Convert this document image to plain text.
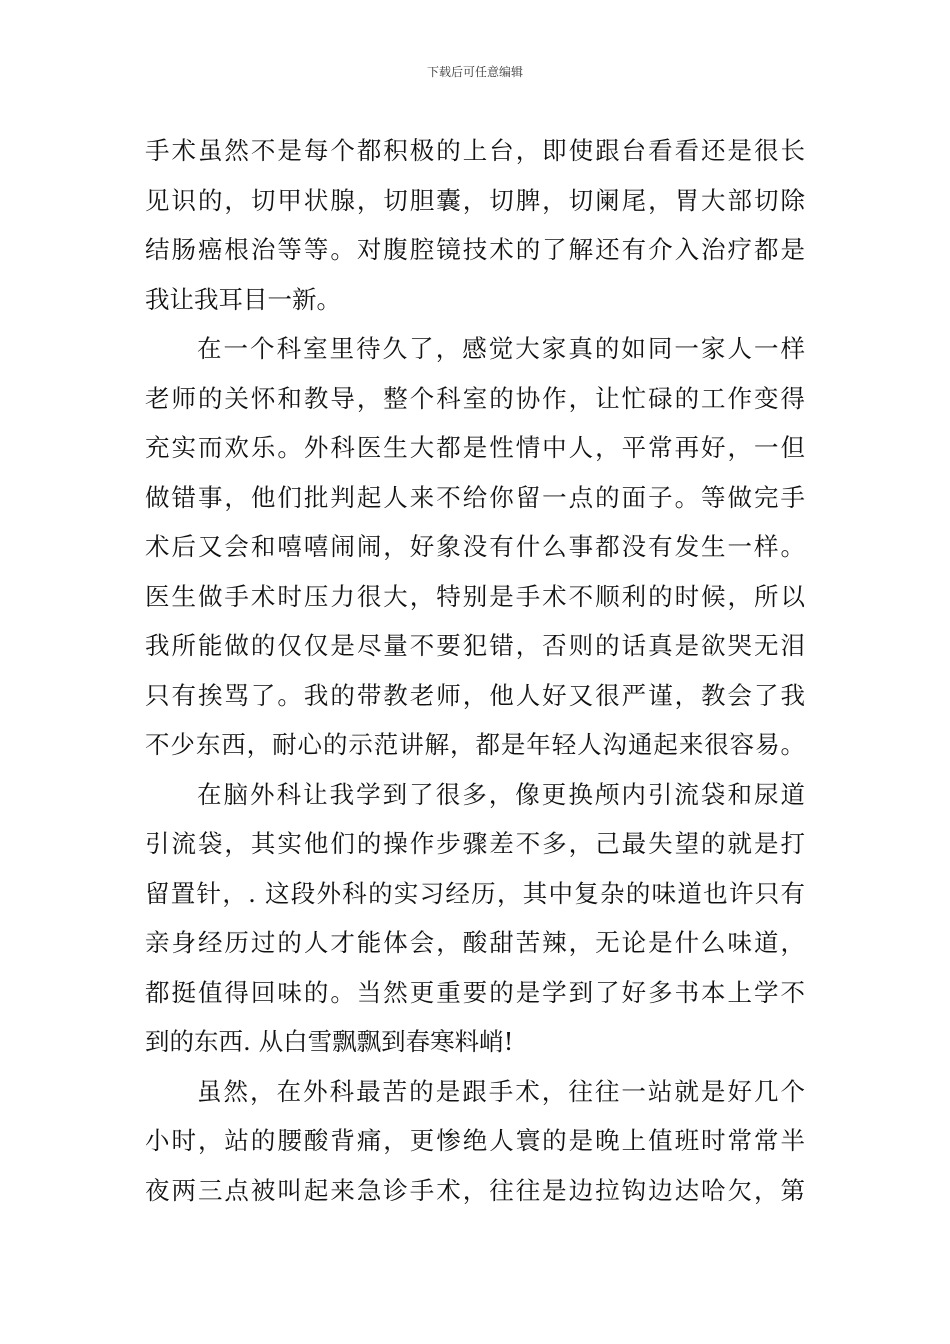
下载后可任意编辑
手术虽然不是每个都积极的上台，即使跟台看看还是很长
见识的，切甲状腺，切胆囊，切脾，切阑尾，胃大部切除
结肠癌根治等等。对腹腔镜技术的了解还有介入治疗都是
我让我耳目一新。
在一个科室里待久了，感觉大家真的如同一家人一样
老师的关怀和教导，整个科室的协作，让忙碌的工作变得
充实而欢乐。外科医生大都是性情中人，平常再好，一但
做错事，他们批判起人来不给你留一点的面子。等做完手
术后又会和嘻嘻闹闹，好象没有什么事都没有发生一样。
医生做手术时压力很大，特别是手术不顺利的时候，所以
我所能做的仅仅是尽量不要犯错，否则的话真是欲哭无泪
只有挨骂了。我的带教老师，他人好又很严谨，教会了我
不少东西，耐心的示范讲解，都是年轻人沟通起来很容易。
在脑外科让我学到了很多，像更换颅内引流袋和尿道
引流袋，其实他们的操作步骤差不多，己最失望的就是打
留置针，. 这段外科的实习经历，其中复杂的味道也许只有
亲身经历过的人才能体会，酸甜苦辣，无论是什么味道，
都挺值得回味的。当然更重要的是学到了好多书本上学不
到的东西. 从白雪飘飘到春寒料峭!
虽然，在外科最苦的是跟手术，往往一站就是好几个
小时，站的腰酸背痛，更惨绝人寰的是晚上值班时常常半
夜两三点被叫起来急诊手术，往往是边拉钩边达哈欠，第
